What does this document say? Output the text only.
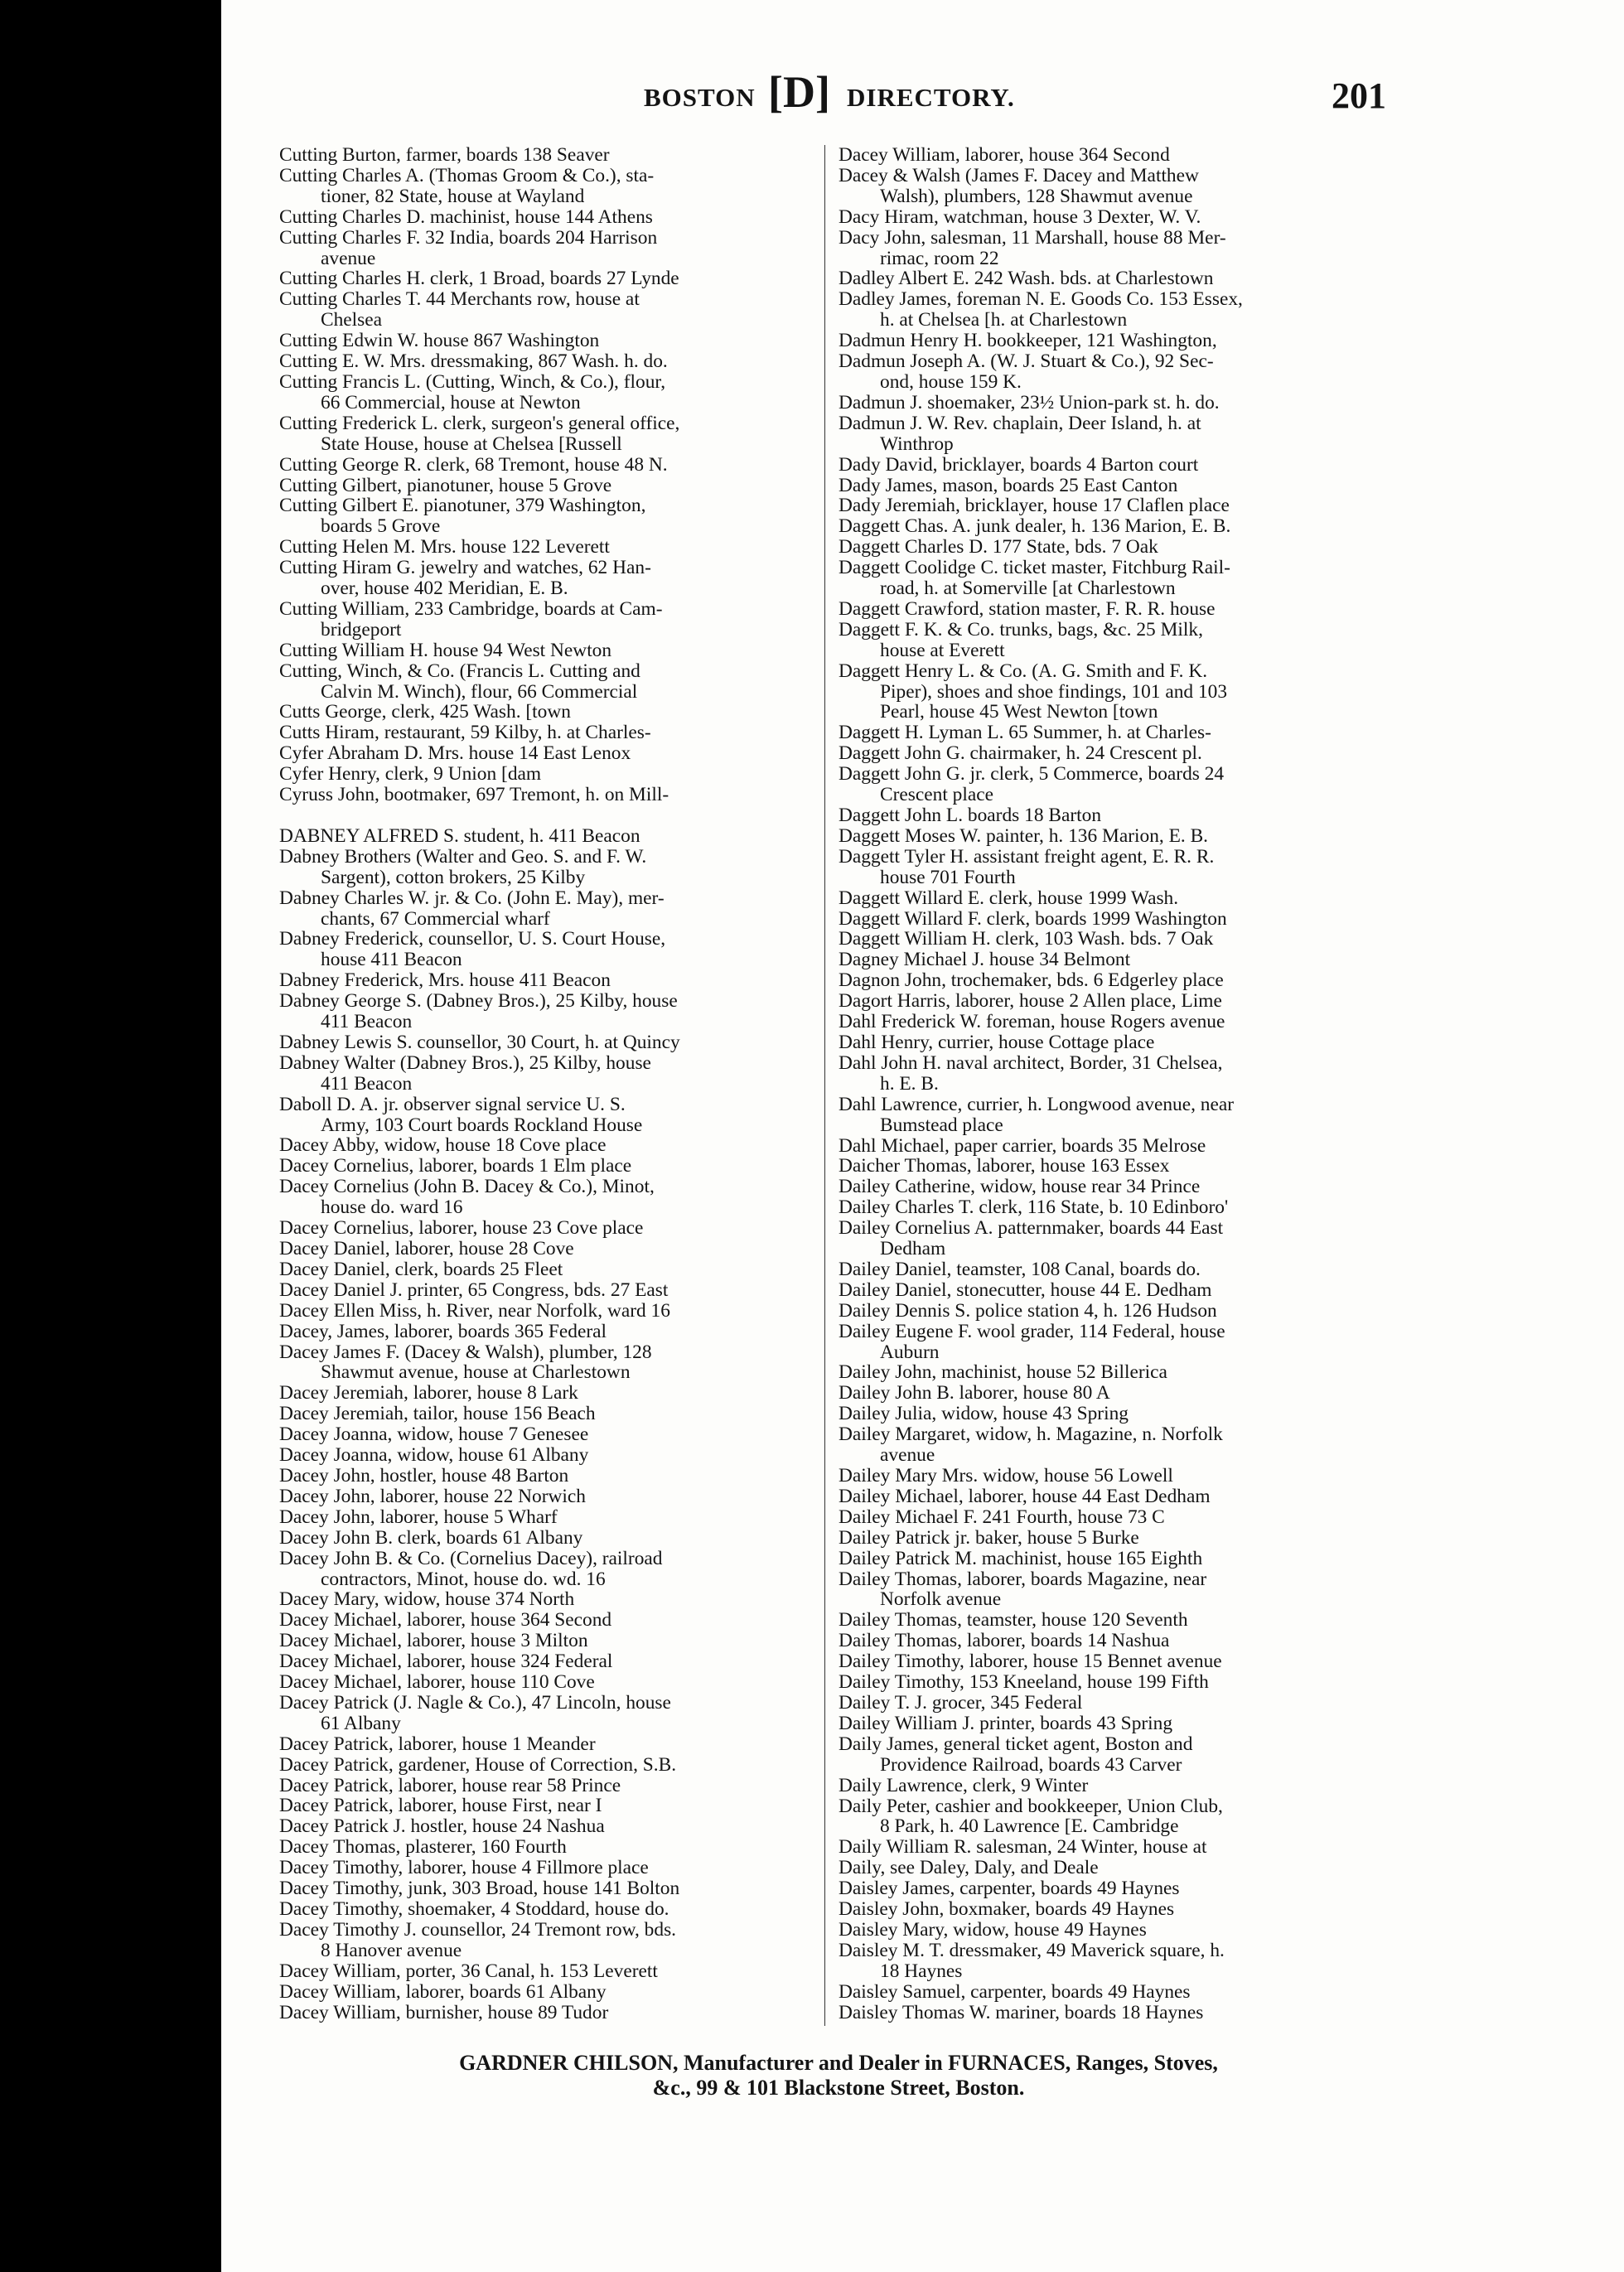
BOSTON [D] DIRECTORY.	201
Cutting Burton, farmer, boards 138 Seaver
Cutting Charles A. (Thomas Groom & Co.), sta-
tioner, 82 State, house at Wayland
Cutting Charles D. machinist, house 144 Athens
Cutting Charles F. 32 India, boards 204 Harrison
avenue
Cutting Charles H. clerk, 1 Broad, boards 27 Lynde
Cutting Charles T. 44 Merchants row, house at
Chelsea
Cutting Edwin W. house 867 Washington
Cutting E. W. Mrs. dressmaking, 867 Wash. h. do.
Cutting Francis L. (Cutting, Winch, & Co.), flour,
66 Commercial, house at Newton
Cutting Frederick L. clerk, surgeon's general office,
State House, house at Chelsea [Russell
Cutting George R. clerk, 68 Tremont, house 48 N.
Cutting Gilbert, pianotuner, house 5 Grove
Cutting Gilbert E. pianotuner, 379 Washington,
boards 5 Grove
Cutting Helen M. Mrs. house 122 Leverett
Cutting Hiram G. jewelry and watches, 62 Han-
over, house 402 Meridian, E. B.
Cutting William, 233 Cambridge, boards at Cam-
bridgeport
Cutting William H. house 94 West Newton
Cutting, Winch, & Co. (Francis L. Cutting and
Calvin M. Winch), flour, 66 Commercial
Cutts George, clerk, 425 Wash. [town
Cutts Hiram, restaurant, 59 Kilby, h. at Charles-
Cyfer Abraham D. Mrs. house 14 East Lenox
Cyfer Henry, clerk, 9 Union [dam
Cyruss John, bootmaker, 697 Tremont, h. on Mill-
DABNEY ALFRED S. student, h. 411 Beacon
Dabney Brothers (Walter and Geo. S. and F. W.
Sargent), cotton brokers, 25 Kilby
Dabney Charles W. jr. & Co. (John E. May), mer-
chants, 67 Commercial wharf
Dabney Frederick, counsellor, U. S. Court House,
house 411 Beacon
Dabney Frederick, Mrs. house 411 Beacon
Dabney George S. (Dabney Bros.), 25 Kilby, house
411 Beacon
Dabney Lewis S. counsellor, 30 Court, h. at Quincy
Dabney Walter (Dabney Bros.), 25 Kilby, house
411 Beacon
Daboll D. A. jr. observer signal service U. S.
Army, 103 Court boards Rockland House
Dacey Abby, widow, house 18 Cove place
Dacey Cornelius, laborer, boards 1 Elm place
Dacey Cornelius (John B. Dacey & Co.), Minot,
house do. ward 16
Dacey Cornelius, laborer, house 23 Cove place
Dacey Daniel, laborer, house 28 Cove
Dacey Daniel, clerk, boards 25 Fleet
Dacey Daniel J. printer, 65 Congress, bds. 27 East
Dacey Ellen Miss, h. River, near Norfolk, ward 16
Dacey, James, laborer, boards 365 Federal
Dacey James F. (Dacey & Walsh), plumber, 128
Shawmut avenue, house at Charlestown
Dacey Jeremiah, laborer, house 8 Lark
Dacey Jeremiah, tailor, house 156 Beach
Dacey Joanna, widow, house 7 Genesee
Dacey Joanna, widow, house 61 Albany
Dacey John, hostler, house 48 Barton
Dacey John, laborer, house 22 Norwich
Dacey John, laborer, house 5 Wharf
Dacey John B. clerk, boards 61 Albany
Dacey John B. & Co. (Cornelius Dacey), railroad
contractors, Minot, house do. wd. 16
Dacey Mary, widow, house 374 North
Dacey Michael, laborer, house 364 Second
Dacey Michael, laborer, house 3 Milton
Dacey Michael, laborer, house 324 Federal
Dacey Michael, laborer, house 110 Cove
Dacey Patrick (J. Nagle & Co.), 47 Lincoln, house
61 Albany
Dacey Patrick, laborer, house 1 Meander
Dacey Patrick, gardener, House of Correction, S.B.
Dacey Patrick, laborer, house rear 58 Prince
Dacey Patrick, laborer, house First, near I
Dacey Patrick J. hostler, house 24 Nashua
Dacey Thomas, plasterer, 160 Fourth
Dacey Timothy, laborer, house 4 Fillmore place
Dacey Timothy, junk, 303 Broad, house 141 Bolton
Dacey Timothy, shoemaker, 4 Stoddard, house do.
Dacey Timothy J. counsellor, 24 Tremont row, bds.
8 Hanover avenue
Dacey William, porter, 36 Canal, h. 153 Leverett
Dacey William, laborer, boards 61 Albany
Dacey William, burnisher, house 89 Tudor
Dacey William, laborer, house 364 Second
Dacey & Walsh (James F. Dacey and Matthew
Walsh), plumbers, 128 Shawmut avenue
Dacy Hiram, watchman, house 3 Dexter, W. V.
Dacy John, salesman, 11 Marshall, house 88 Mer-
rimac, room 22
Dadley Albert E. 242 Wash. bds. at Charlestown
Dadley James, foreman N. E. Goods Co. 153 Essex,
h. at Chelsea [h. at Charlestown
Dadmun Henry H. bookkeeper, 121 Washington,
Dadmun Joseph A. (W. J. Stuart & Co.), 92 Sec-
ond, house 159 K.
Dadmun J. shoemaker, 23½ Union-park st. h. do.
Dadmun J. W. Rev. chaplain, Deer Island, h. at
Winthrop
Dady David, bricklayer, boards 4 Barton court
Dady James, mason, boards 25 East Canton
Dady Jeremiah, bricklayer, house 17 Claflen place
Daggett Chas. A. junk dealer, h. 136 Marion, E. B.
Daggett Charles D. 177 State, bds. 7 Oak
Daggett Coolidge C. ticket master, Fitchburg Rail-
road, h. at Somerville [at Charlestown
Daggett Crawford, station master, F. R. R. house
Daggett F. K. & Co. trunks, bags, &c. 25 Milk,
house at Everett
Daggett Henry L. & Co. (A. G. Smith and F. K.
Piper), shoes and shoe findings, 101 and 103
Pearl, house 45 West Newton [town
Daggett H. Lyman L. 65 Summer, h. at Charles-
Daggett John G. chairmaker, h. 24 Crescent pl.
Daggett John G. jr. clerk, 5 Commerce, boards 24
Crescent place
Daggett John L. boards 18 Barton
Daggett Moses W. painter, h. 136 Marion, E. B.
Daggett Tyler H. assistant freight agent, E. R. R.
house 701 Fourth
Daggett Willard E. clerk, house 1999 Wash.
Daggett Willard F. clerk, boards 1999 Washington
Daggett William H. clerk, 103 Wash. bds. 7 Oak
Dagney Michael J. house 34 Belmont
Dagnon John, trochemaker, bds. 6 Edgerley place
Dagort Harris, laborer, house 2 Allen place, Lime
Dahl Frederick W. foreman, house Rogers avenue
Dahl Henry, currier, house Cottage place
Dahl John H. naval architect, Border, 31 Chelsea,
h. E. B.
Dahl Lawrence, currier, h. Longwood avenue, near
Bumstead place
Dahl Michael, paper carrier, boards 35 Melrose
Daicher Thomas, laborer, house 163 Essex
Dailey Catherine, widow, house rear 34 Prince
Dailey Charles T. clerk, 116 State, b. 10 Edinboro'
Dailey Cornelius A. patternmaker, boards 44 East
Dedham
Dailey Daniel, teamster, 108 Canal, boards do.
Dailey Daniel, stonecutter, house 44 E. Dedham
Dailey Dennis S. police station 4, h. 126 Hudson
Dailey Eugene F. wool grader, 114 Federal, house
Auburn
Dailey John, machinist, house 52 Billerica
Dailey John B. laborer, house 80 A
Dailey Julia, widow, house 43 Spring
Dailey Margaret, widow, h. Magazine, n. Norfolk
avenue
Dailey Mary Mrs. widow, house 56 Lowell
Dailey Michael, laborer, house 44 East Dedham
Dailey Michael F. 241 Fourth, house 73 C
Dailey Patrick jr. baker, house 5 Burke
Dailey Patrick M. machinist, house 165 Eighth
Dailey Thomas, laborer, boards Magazine, near
Norfolk avenue
Dailey Thomas, teamster, house 120 Seventh
Dailey Thomas, laborer, boards 14 Nashua
Dailey Timothy, laborer, house 15 Bennet avenue
Dailey Timothy, 153 Kneeland, house 199 Fifth
Dailey T. J. grocer, 345 Federal
Dailey William J. printer, boards 43 Spring
Daily James, general ticket agent, Boston and
Providence Railroad, boards 43 Carver
Daily Lawrence, clerk, 9 Winter
Daily Peter, cashier and bookkeeper, Union Club,
8 Park, h. 40 Lawrence [E. Cambridge
Daily William R. salesman, 24 Winter, house at
Daily, see Daley, Daly, and Deale
Daisley James, carpenter, boards 49 Haynes
Daisley John, boxmaker, boards 49 Haynes
Daisley Mary, widow, house 49 Haynes
Daisley M. T. dressmaker, 49 Maverick square, h.
18 Haynes
Daisley Samuel, carpenter, boards 49 Haynes
Daisley Thomas W. mariner, boards 18 Haynes
GARDNER CHILSON, Manufacturer and Dealer in FURNACES, Ranges, Stoves,
&c., 99 & 101 Blackstone Street, Boston.
